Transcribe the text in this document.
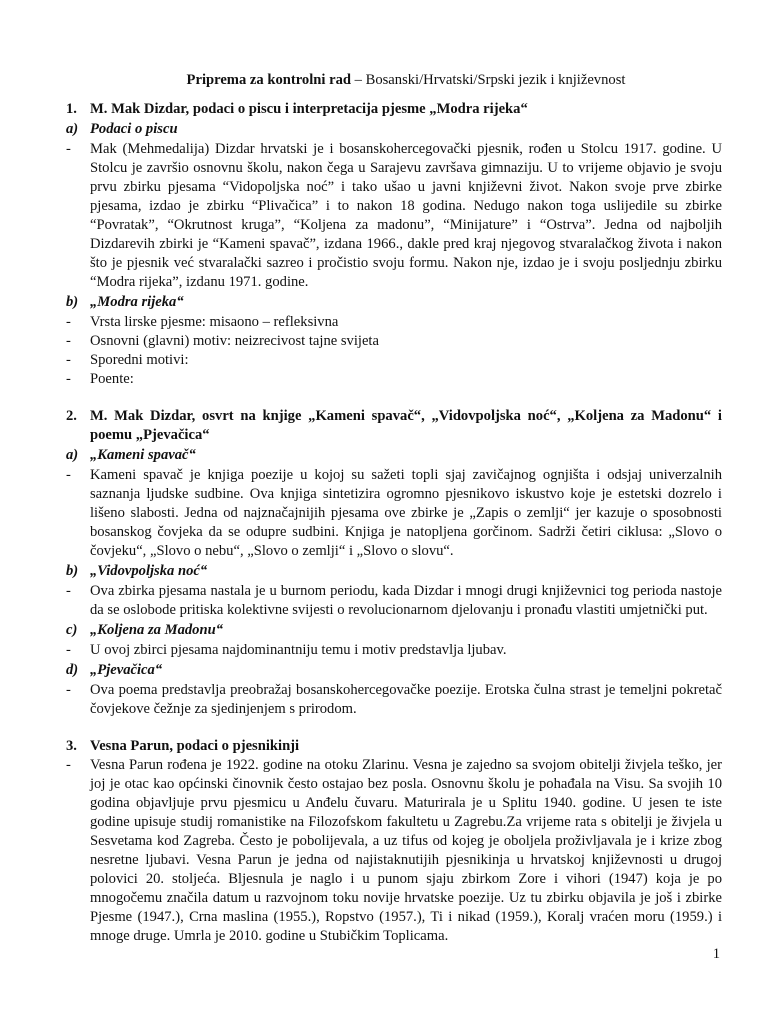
Priprema za kontrolni rad – Bosanski/Hrvatski/Srpski jezik i književnost
1. M. Mak Dizdar, podaci o piscu i interpretacija pjesme „Modra rijeka“
a) Podaci o piscu
-	Mak (Mehmedalija) Dizdar hrvatski je i bosanskohercegovački pjesnik, rođen u Stolcu 1917. godine. U Stolcu je završio osnovnu školu, nakon čega u Sarajevu završava gimnaziju. U to vrijeme objavio je svoju prvu zbirku pjesama “Vidopoljska noć” i tako ušao u javni književni život. Nakon svoje prve zbirke pjesama, izdao je zbirku “Plivačica” i to nakon 18 godina. Nedugo nakon toga uslijedile su zbirke “Povratak”, “Okrutnost kruga”, “Koljena za madonu”, “Minijature” i “Ostrva”. Jedna od najboljih Dizdarevih zbirki je “Kameni spavač”, izdana 1966., dakle pred kraj njegovog stvaralačkog života i nakon što je pjesnik već stvaralački sazreo i pročistio svoju formu. Nakon nje, izdao je i svoju posljednju zbirku “Modra rijeka”, izdanu 1971. godine.
b) „Modra rijeka“
-	Vrsta lirske pjesme: misaono – refleksivna
-	Osnovni (glavni) motiv: neizrecivost tajne svijeta
-	Sporedni motivi:
-	Poente:
2. M. Mak Dizdar, osvrt na knjige „Kameni spavač“, „Vidovpoljska noć“, „Koljena za Madonu“ i poemu „Pjevačica“
a) „Kameni spavač“
-	Kameni spavač je knjiga poezije u kojoj su sažeti topli sjaj zavičajnog ognjišta i odsjaj univerzalnih saznanja ljudske sudbine. Ova knjiga sintetizira ogromno pjesnikovo iskustvo koje je estetski dozrelo i lišeno slabosti. Jedna od najznačajnijih pjesama ove zbirke je „Zapis o zemlji“ jer kazuje o sposobnosti bosanskog čovjeka da se odupre sudbini. Knjiga je natopljena gorčinom. Sadrži četiri ciklusa: „Slovo o čovjeku“, „Slovo o nebu“, „Slovo o zemlji“ i „Slovo o slovu“.
b) „Vidovpoljska noć“
-	Ova zbirka pjesama nastala je u burnom periodu, kada Dizdar i mnogi drugi književnici tog perioda nastoje da se oslobode pritiska kolektivne svijesti o revolucionarnom djelovanju i pronađu vlastiti umjetnički put.
c) „Koljena za Madonu“
-	U ovoj zbirci pjesama najdominantniju temu i motiv predstavlja ljubav.
d) „Pjevačica“
-	Ova poema predstavlja preobražaj bosanskohercegovačke poezije. Erotska čulna strast je temeljni pokretač čovjekove čežnje za sjedinjenjem s prirodom.
3. Vesna Parun, podaci o pjesnikinji
-	Vesna Parun rođena je 1922. godine na otoku Zlarinu. Vesna je zajedno sa svojom obitelji živjela teško, jer joj je otac kao općinski činovnik često ostajao bez posla. Osnovnu školu je pohađala na Visu. Sa svojih 10 godina objavljuje prvu pjesmicu u Anđelu čuvaru. Maturirala je u Splitu 1940. godine. U jesen te iste godine upisuje studij romanistike na Filozofskom fakultetu u Zagrebu.Za vrijeme rata s obitelji je živjela u Sesvetama kod Zagreba. Često je pobolijevala, a uz tifus od kojeg je oboljela proživljavala je i krize zbog nesretne ljubavi. Vesna Parun je jedna od najistaknutijih pjesnikinja u hrvatskoj književnosti u drugoj polovici 20. stoljeća. Bljesnula je naglo i u punom sjaju zbirkom Zore i vihori (1947) koja je po mnogočemu značila datum u razvojnom toku novije hrvatske poezije. Uz tu zbirku objavila je još i zbirke Pjesme (1947.), Crna maslina (1955.), Ropstvo (1957.), Ti i nikad (1959.), Koralj vraćen moru (1959.) i mnoge druge. Umrla je 2010. godine u Stubičkim Toplicama.
1
